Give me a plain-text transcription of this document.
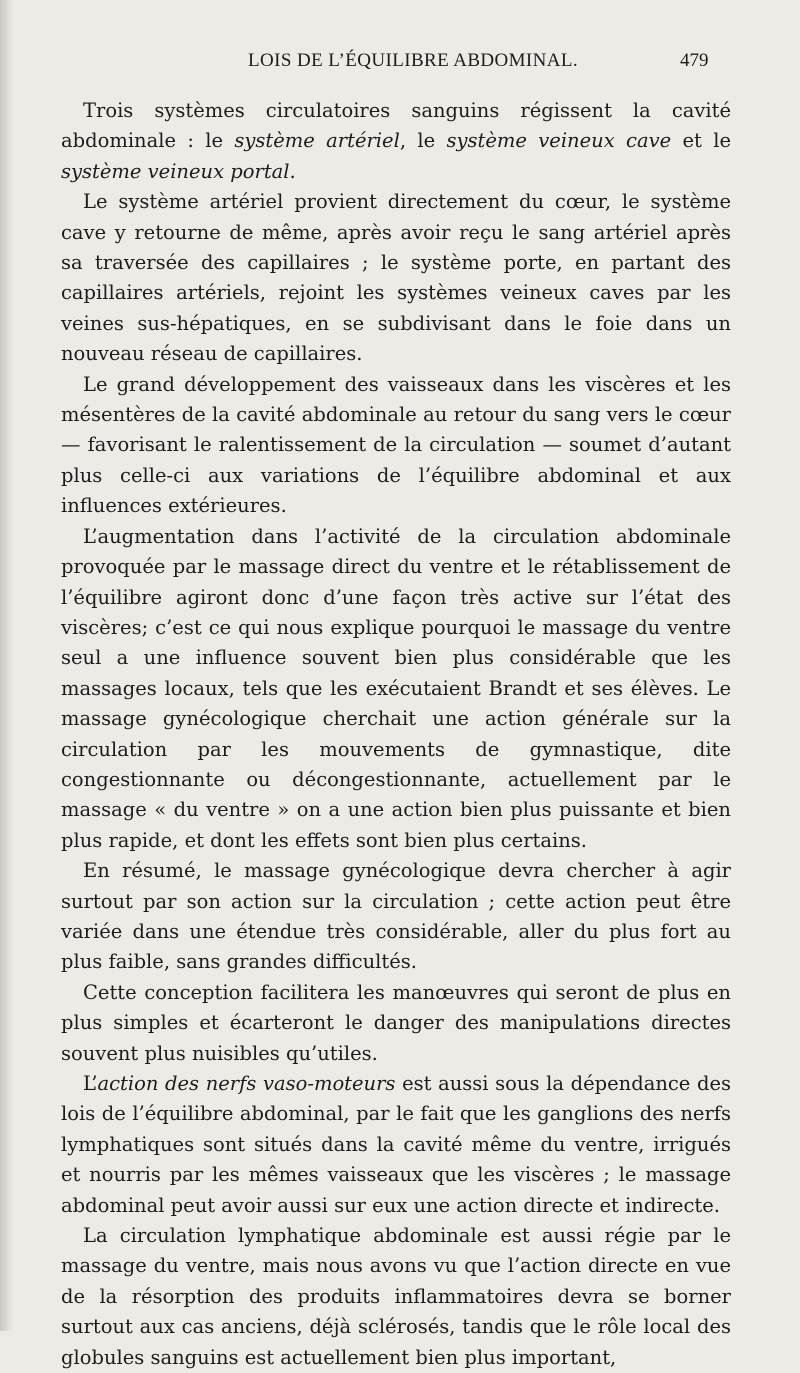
LOIS DE L’ÉQUILIBRE ABDOMINAL.	479

Trois systèmes circulatoires sanguins régissent la cavité abdominale : le système artériel, le système veineux cave et le système veineux portal.

Le système artériel provient directement du cœur, le système cave y retourne de même, après avoir reçu le sang artériel après sa traversée des capillaires ; le système porte, en partant des capillaires artériels, rejoint les systèmes veineux caves par les veines sus-hépatiques, en se subdivisant dans le foie dans un nouveau réseau de capillaires.

Le grand développement des vaisseaux dans les viscères et les mésentères de la cavité abdominale au retour du sang vers le cœur — favorisant le ralentissement de la circulation — soumet d’autant plus celle-ci aux variations de l’équilibre abdominal et aux influences extérieures.

L’augmentation dans l’activité de la circulation abdominale provoquée par le massage direct du ventre et le rétablissement de l’équilibre agiront donc d’une façon très active sur l’état des viscères; c’est ce qui nous explique pourquoi le massage du ventre seul a une influence souvent bien plus considérable que les massages locaux, tels que les exécutaient Brandt et ses élèves. Le massage gynécologique cherchait une action générale sur la circulation par les mouvements de gymnastique, dite congestionnante ou décongestionnante, actuellement par le massage « du ventre » on a une action bien plus puissante et bien plus rapide, et dont les effets sont bien plus certains.

En résumé, le massage gynécologique devra chercher à agir surtout par son action sur la circulation ; cette action peut être variée dans une étendue très considérable, aller du plus fort au plus faible, sans grandes difficultés.

Cette conception facilitera les manœuvres qui seront de plus en plus simples et écarteront le danger des manipulations directes souvent plus nuisibles qu’utiles.

L’action des nerfs vaso-moteurs est aussi sous la dépendance des lois de l’équilibre abdominal, par le fait que les ganglions des nerfs lymphatiques sont situés dans la cavité même du ventre, irrigués et nourris par les mêmes vaisseaux que les viscères ; le massage abdominal peut avoir aussi sur eux une action directe et indirecte.

La circulation lymphatique abdominale est aussi régie par le massage du ventre, mais nous avons vu que l’action directe en vue de la résorption des produits inflammatoires devra se borner surtout aux cas anciens, déjà sclérosés, tandis que le rôle local des globules sanguins est actuellement bien plus important,
